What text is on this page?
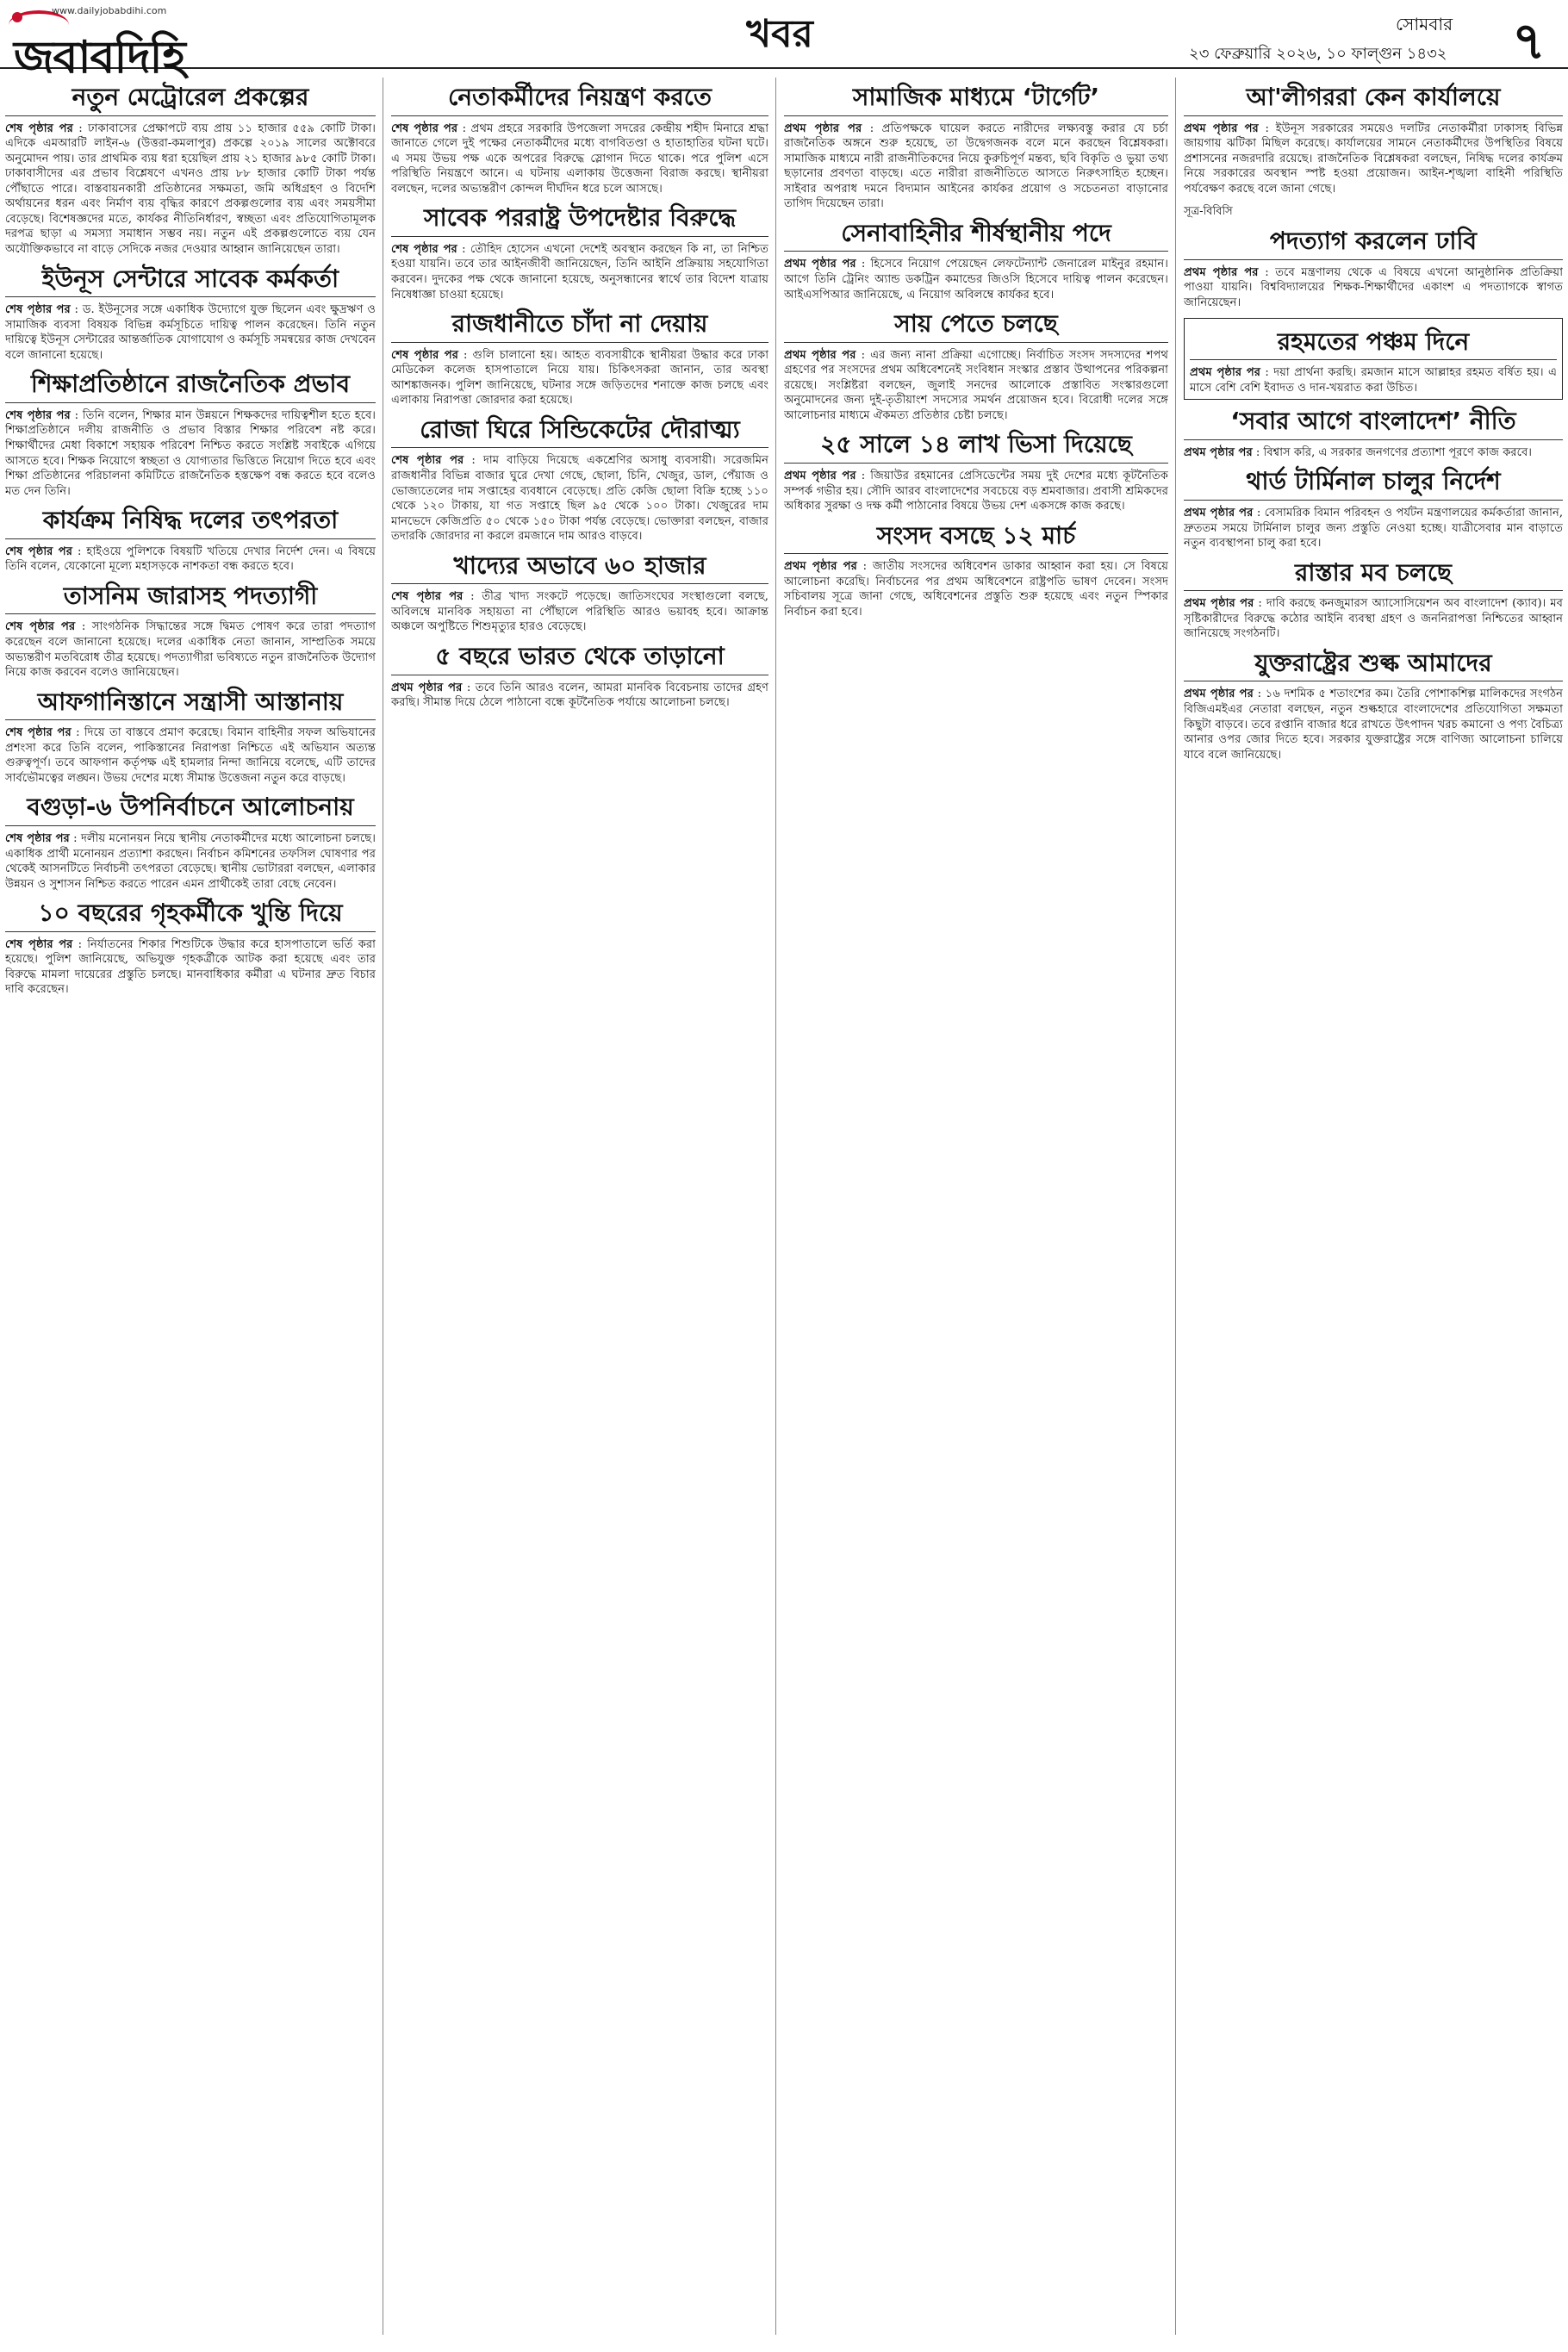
জবাবদিহি
www.dailyjobabdihi.com
খবর	সোমবার ৭
২৩ ফেব্রুয়ারি ২০২৬, ১০ ফাল্গুন ১৪৩২
নতুন মেট্রোরেল প্রকল্পের

শেষ পৃষ্ঠার পর : ঢাকাবাসের প্রেক্ষাপটে ব্যয় প্রায় ১১ হাজার ৫৫৯ কোটি টাকা। এদিকে এমআরটি লাইন-৬ (উত্তরা-কমলাপুর) প্রকল্পে ২০১৯ সালের অক্টোবরে অনুমোদন পায়। তার প্রাথমিক ব্যয় ধরা হয়েছিল প্রায় ২১ হাজার ৯৮৫ কোটি টাকা। ঢাকাবাসীদের এর প্রভাব বিশ্লেষণে এখনও প্রায় ৮৮ হাজার কোটি টাকা পর্যন্ত পৌঁছাতে পারে। বাস্তবায়নকারী প্রতিষ্ঠানের সক্ষমতা, জমি অধিগ্রহণ ও বিদেশি অর্থায়নের ধরন এবং নির্মাণ ব্যয় বৃদ্ধির কারণে প্রকল্পগুলোর ব্যয় এবং সময়সীমা বেড়েছে। বিশেষজ্ঞদের মতে, কার্যকর নীতিনির্ধারণ, স্বচ্ছতা এবং প্রতিযোগিতামূলক দরপত্র ছাড়া এ সমস্যা সমাধান সম্ভব নয়। নতুন এই প্রকল্পগুলোতে ব্যয় যেন অযৌক্তিকভাবে না বাড়ে সেদিকে নজর দেওয়ার আহ্বান জানিয়েছেন তারা।

ইউনূস সেন্টারে সাবেক কর্মকর্তা

শেষ পৃষ্ঠার পর : ড. ইউনূসের সঙ্গে একাধিক উদ্যোগে যুক্ত ছিলেন এবং ক্ষুদ্রঋণ ও সামাজিক ব্যবসা বিষয়ক বিভিন্ন কর্মসূচিতে দায়িত্ব পালন করেছেন। তিনি নতুন দায়িত্বে ইউনূস সেন্টারের আন্তর্জাতিক যোগাযোগ ও কর্মসূচি সমন্বয়ের কাজ দেখবেন বলে জানানো হয়েছে।

শিক্ষাপ্রতিষ্ঠানে রাজনৈতিক প্রভাব

শেষ পৃষ্ঠার পর : তিনি বলেন, শিক্ষার মান উন্নয়নে শিক্ষকদের দায়িত্বশীল হতে হবে। শিক্ষাপ্রতিষ্ঠানে দলীয় রাজনীতি ও প্রভাব বিস্তার শিক্ষার পরিবেশ নষ্ট করে। শিক্ষার্থীদের মেধা বিকাশে সহায়ক পরিবেশ নিশ্চিত করতে সংশ্লিষ্ট সবাইকে এগিয়ে আসতে হবে। শিক্ষক নিয়োগে স্বচ্ছতা ও যোগ্যতার ভিত্তিতে নিয়োগ দিতে হবে এবং শিক্ষা প্রতিষ্ঠানের পরিচালনা কমিটিতে রাজনৈতিক হস্তক্ষেপ বন্ধ করতে হবে বলেও মত দেন তিনি।

কার্যক্রম নিষিদ্ধ দলের তৎপরতা

শেষ পৃষ্ঠার পর : হাইওয়ে পুলিশকে বিষয়টি খতিয়ে দেখার নির্দেশ দেন। এ বিষয়ে তিনি বলেন, যেকোনো মূল্যে মহাসড়কে নাশকতা বন্ধ করতে হবে।

তাসনিম জারাসহ পদত্যাগী

শেষ পৃষ্ঠার পর : সাংগঠনিক সিদ্ধান্তের সঙ্গে দ্বিমত পোষণ করে তারা পদত্যাগ করেছেন বলে জানানো হয়েছে। দলের একাধিক নেতা জানান, সাম্প্রতিক সময়ে অভ্যন্তরীণ মতবিরোধ তীব্র হয়েছে। পদত্যাগীরা ভবিষ্যতে নতুন রাজনৈতিক উদ্যোগ নিয়ে কাজ করবেন বলেও জানিয়েছেন।

আফগানিস্তানে সন্ত্রাসী আস্তানায়

শেষ পৃষ্ঠার পর : দিয়ে তা বাস্তবে প্রমাণ করেছে। বিমান বাহিনীর সফল অভিযানের প্রশংসা করে তিনি বলেন, পাকিস্তানের নিরাপত্তা নিশ্চিতে এই অভিযান অত্যন্ত গুরুত্বপূর্ণ। তবে আফগান কর্তৃপক্ষ এই হামলার নিন্দা জানিয়ে বলেছে, এটি তাদের সার্বভৌমত্বের লঙ্ঘন। উভয় দেশের মধ্যে সীমান্ত উত্তেজনা নতুন করে বাড়ছে।

বগুড়া-৬ উপনির্বাচনে আলোচনায়

শেষ পৃষ্ঠার পর : দলীয় মনোনয়ন নিয়ে স্থানীয় নেতাকর্মীদের মধ্যে আলোচনা চলছে। একাধিক প্রার্থী মনোনয়ন প্রত্যাশা করছেন। নির্বাচন কমিশনের তফসিল ঘোষণার পর থেকেই আসনটিতে নির্বাচনী তৎপরতা বেড়েছে। স্থানীয় ভোটাররা বলছেন, এলাকার উন্নয়ন ও সুশাসন নিশ্চিত করতে পারেন এমন প্রার্থীকেই তারা বেছে নেবেন।

১০ বছরের গৃহকর্মীকে খুন্তি দিয়ে

শেষ পৃষ্ঠার পর : নির্যাতনের শিকার শিশুটিকে উদ্ধার করে হাসপাতালে ভর্তি করা হয়েছে। পুলিশ জানিয়েছে, অভিযুক্ত গৃহকর্ত্রীকে আটক করা হয়েছে এবং তার বিরুদ্ধে মামলা দায়েরের প্রস্তুতি চলছে। মানবাধিকার কর্মীরা এ ঘটনার দ্রুত বিচার দাবি করেছেন।

নেতাকর্মীদের নিয়ন্ত্রণ করতে

শেষ পৃষ্ঠার পর : প্রথম প্রহরে সরকারি উপজেলা সদরের কেন্দ্রীয় শহীদ মিনারে শ্রদ্ধা জানাতে গেলে দুই পক্ষের নেতাকর্মীদের মধ্যে বাগবিতণ্ডা ও হাতাহাতির ঘটনা ঘটে। এ সময় উভয় পক্ষ একে অপরের বিরুদ্ধে স্লোগান দিতে থাকে। পরে পুলিশ এসে পরিস্থিতি নিয়ন্ত্রণে আনে। এ ঘটনায় এলাকায় উত্তেজনা বিরাজ করছে। স্থানীয়রা বলছেন, দলের অভ্যন্তরীণ কোন্দল দীর্ঘদিন ধরে চলে আসছে।

সাবেক পররাষ্ট্র উপদেষ্টার বিরুদ্ধে

শেষ পৃষ্ঠার পর : তৌহিদ হোসেন এখনো দেশেই অবস্থান করছেন কি না, তা নিশ্চিত হওয়া যায়নি। তবে তার আইনজীবী জানিয়েছেন, তিনি আইনি প্রক্রিয়ায় সহযোগিতা করবেন। দুদকের পক্ষ থেকে জানানো হয়েছে, অনুসন্ধানের স্বার্থে তার বিদেশ যাত্রায় নিষেধাজ্ঞা চাওয়া হয়েছে।

রাজধানীতে চাঁদা না দেয়ায়

শেষ পৃষ্ঠার পর : গুলি চালানো হয়। আহত ব্যবসায়ীকে স্থানীয়রা উদ্ধার করে ঢাকা মেডিকেল কলেজ হাসপাতালে নিয়ে যায়। চিকিৎসকরা জানান, তার অবস্থা আশঙ্কাজনক। পুলিশ জানিয়েছে, ঘটনার সঙ্গে জড়িতদের শনাক্তে কাজ চলছে এবং এলাকায় নিরাপত্তা জোরদার করা হয়েছে।

রোজা ঘিরে সিন্ডিকেটের দৌরাত্ম্য

শেষ পৃষ্ঠার পর : দাম বাড়িয়ে দিয়েছে একশ্রেণির অসাধু ব্যবসায়ী। সরেজমিন রাজধানীর বিভিন্ন বাজার ঘুরে দেখা গেছে, ছোলা, চিনি, খেজুর, ডাল, পেঁয়াজ ও ভোজ্যতেলের দাম সপ্তাহের ব্যবধানে বেড়েছে। প্রতি কেজি ছোলা বিক্রি হচ্ছে ১১০ থেকে ১২০ টাকায়, যা গত সপ্তাহে ছিল ৯৫ থেকে ১০০ টাকা। খেজুরের দাম মানভেদে কেজিপ্রতি ৫০ থেকে ১৫০ টাকা পর্যন্ত বেড়েছে। ভোক্তারা বলছেন, বাজার তদারকি জোরদার না করলে রমজানে দাম আরও বাড়বে।

খাদ্যের অভাবে ৬০ হাজার

শেষ পৃষ্ঠার পর : তীব্র খাদ্য সংকটে পড়েছে। জাতিসংঘের সংস্থাগুলো বলছে, অবিলম্বে মানবিক সহায়তা না পৌঁছালে পরিস্থিতি আরও ভয়াবহ হবে। আক্রান্ত অঞ্চলে অপুষ্টিতে শিশুমৃত্যুর হারও বেড়েছে।

৫ বছরে ভারত থেকে তাড়ানো

প্রথম পৃষ্ঠার পর : তবে তিনি আরও বলেন, আমরা মানবিক বিবেচনায় তাদের গ্রহণ করছি। সীমান্ত দিয়ে ঠেলে পাঠানো বন্ধে কূটনৈতিক পর্যায়ে আলোচনা চলছে।

সামাজিক মাধ্যমে ‘টার্গেট’

প্রথম পৃষ্ঠার পর : প্রতিপক্ষকে ঘায়েল করতে নারীদের লক্ষ্যবস্তু করার যে চর্চা রাজনৈতিক অঙ্গনে শুরু হয়েছে, তা উদ্বেগজনক বলে মনে করছেন বিশ্লেষকরা। সামাজিক মাধ্যমে নারী রাজনীতিকদের নিয়ে কুরুচিপূর্ণ মন্তব্য, ছবি বিকৃতি ও ভুয়া তথ্য ছড়ানোর প্রবণতা বাড়ছে। এতে নারীরা রাজনীতিতে আসতে নিরুৎসাহিত হচ্ছেন। সাইবার অপরাধ দমনে বিদ্যমান আইনের কার্যকর প্রয়োগ ও সচেতনতা বাড়ানোর তাগিদ দিয়েছেন তারা।

সেনাবাহিনীর শীর্ষস্থানীয় পদে

প্রথম পৃষ্ঠার পর : হিসেবে নিয়োগ পেয়েছেন লেফটেন্যান্ট জেনারেল মাইনুর রহমান। আগে তিনি ট্রেনিং অ্যান্ড ডকট্রিন কমান্ডের জিওসি হিসেবে দায়িত্ব পালন করেছেন। আইএসপিআর জানিয়েছে, এ নিয়োগ অবিলম্বে কার্যকর হবে।

সায় পেতে চলছে

প্রথম পৃষ্ঠার পর : এর জন্য নানা প্রক্রিয়া এগোচ্ছে। নির্বাচিত সংসদ সদস্যদের শপথ গ্রহণের পর সংসদের প্রথম অধিবেশনেই সংবিধান সংস্কার প্রস্তাব উত্থাপনের পরিকল্পনা রয়েছে। সংশ্লিষ্টরা বলছেন, জুলাই সনদের আলোকে প্রস্তাবিত সংস্কারগুলো অনুমোদনের জন্য দুই-তৃতীয়াংশ সদস্যের সমর্থন প্রয়োজন হবে। বিরোধী দলের সঙ্গে আলোচনার মাধ্যমে ঐকমত্য প্রতিষ্ঠার চেষ্টা চলছে।

২৫ সালে ১৪ লাখ ভিসা দিয়েছে

প্রথম পৃষ্ঠার পর : জিয়াউর রহমানের প্রেসিডেন্টের সময় দুই দেশের মধ্যে কূটনৈতিক সম্পর্ক গভীর হয়। সৌদি আরব বাংলাদেশের সবচেয়ে বড় শ্রমবাজার। প্রবাসী শ্রমিকদের অধিকার সুরক্ষা ও দক্ষ কর্মী পাঠানোর বিষয়ে উভয় দেশ একসঙ্গে কাজ করছে।

সংসদ বসছে ১২ মার্চ

প্রথম পৃষ্ঠার পর : জাতীয় সংসদের অধিবেশন ডাকার আহ্বান করা হয়। সে বিষয়ে আলোচনা করেছি। নির্বাচনের পর প্রথম অধিবেশনে রাষ্ট্রপতি ভাষণ দেবেন। সংসদ সচিবালয় সূত্রে জানা গেছে, অধিবেশনের প্রস্তুতি শুরু হয়েছে এবং নতুন স্পিকার নির্বাচন করা হবে।

আ'লীগররা কেন কার্যালয়ে

প্রথম পৃষ্ঠার পর : ইউনূস সরকারের সময়েও দলটির নেতাকর্মীরা ঢাকাসহ বিভিন্ন জায়গায় ঝটিকা মিছিল করেছে। কার্যালয়ের সামনে নেতাকর্মীদের উপস্থিতির বিষয়ে প্রশাসনের নজরদারি রয়েছে। রাজনৈতিক বিশ্লেষকরা বলছেন, নিষিদ্ধ দলের কার্যক্রম নিয়ে সরকারের অবস্থান স্পষ্ট হওয়া প্রয়োজন। আইন-শৃঙ্খলা বাহিনী পরিস্থিতি পর্যবেক্ষণ করছে বলে জানা গেছে।

সূত্র-বিবিসি
পদত্যাগ করলেন ঢাবি

প্রথম পৃষ্ঠার পর : তবে মন্ত্রণালয় থেকে এ বিষয়ে এখনো আনুষ্ঠানিক প্রতিক্রিয়া পাওয়া যায়নি। বিশ্ববিদ্যালয়ের শিক্ষক-শিক্ষার্থীদের একাংশ এ পদত্যাগকে স্বাগত জানিয়েছেন।

রহমতের পঞ্চম দিনে

প্রথম পৃষ্ঠার পর : দয়া প্রার্থনা করছি। রমজান মাসে আল্লাহর রহমত বর্ষিত হয়। এ মাসে বেশি বেশি ইবাদত ও দান-খয়রাত করা উচিত।

‘সবার আগে বাংলাদেশ’ নীতি

প্রথম পৃষ্ঠার পর : বিশ্বাস করি, এ সরকার জনগণের প্রত্যাশা পূরণে কাজ করবে।

থার্ড টার্মিনাল চালুর নির্দেশ

প্রথম পৃষ্ঠার পর : বেসামরিক বিমান পরিবহন ও পর্যটন মন্ত্রণালয়ের কর্মকর্তারা জানান, দ্রুততম সময়ে টার্মিনাল চালুর জন্য প্রস্তুতি নেওয়া হচ্ছে। যাত্রীসেবার মান বাড়াতে নতুন ব্যবস্থাপনা চালু করা হবে।

রাস্তার মব চলছে

প্রথম পৃষ্ঠার পর : দাবি করছে কনজুমারস অ্যাসোসিয়েশন অব বাংলাদেশ (ক্যাব)। মব সৃষ্টিকারীদের বিরুদ্ধে কঠোর আইনি ব্যবস্থা গ্রহণ ও জননিরাপত্তা নিশ্চিতের আহ্বান জানিয়েছে সংগঠনটি।

যুক্তরাষ্ট্রের শুল্ক আমাদের

প্রথম পৃষ্ঠার পর : ১৬ দশমিক ৫ শতাংশের কম। তৈরি পোশাকশিল্প মালিকদের সংগঠন বিজিএমইএর নেতারা বলছেন, নতুন শুল্কহারে বাংলাদেশের প্রতিযোগিতা সক্ষমতা কিছুটা বাড়বে। তবে রপ্তানি বাজার ধরে রাখতে উৎপাদন খরচ কমানো ও পণ্য বৈচিত্র্য আনার ওপর জোর দিতে হবে। সরকার যুক্তরাষ্ট্রের সঙ্গে বাণিজ্য আলোচনা চালিয়ে যাবে বলে জানিয়েছে।
